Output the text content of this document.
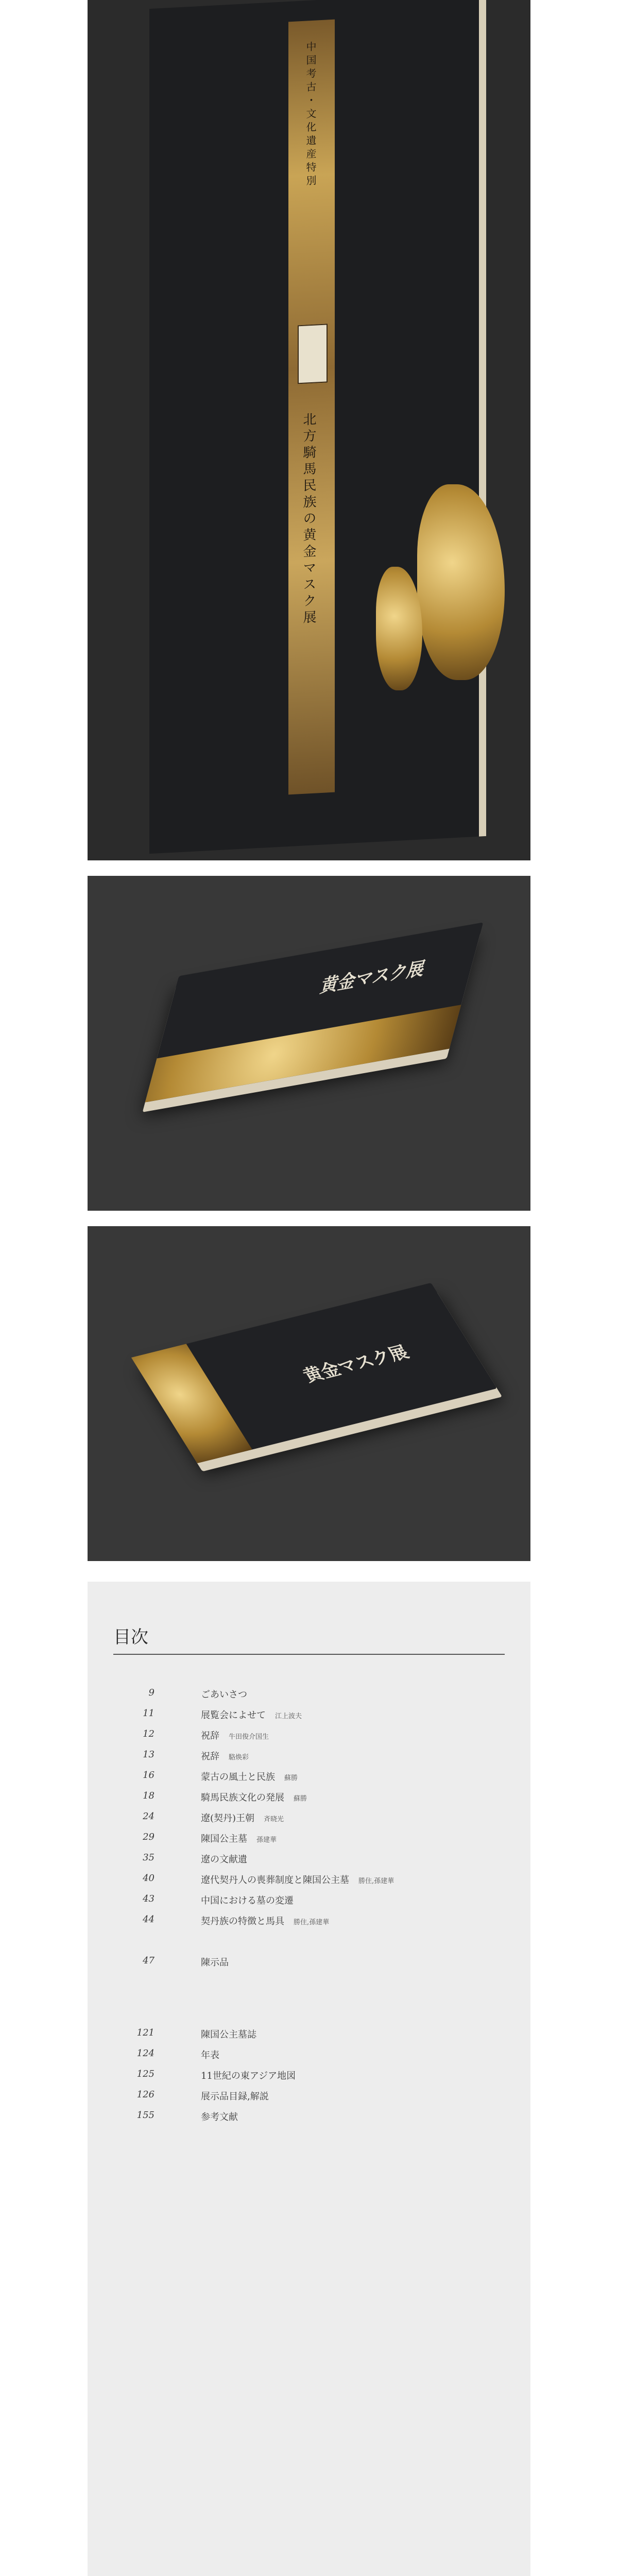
中国考古・文化遺産特別
北方騎馬民族の黄金マスク展
黄金マスク展
黄金マスク展
目次
9	ごあいさつ
11	展覧会によせて 江上波夫
12	祝辞 牛田俊介国生
13	祝辞 駱焕彩
16	蒙古の風土と民族 蘇勝
18	騎馬民族文化の発展 蘇勝
24	遼(契丹)王朝 斉晓光
29	陳国公主墓 孫建華
35	遼の文献遺
40	遼代契丹人の喪葬制度と陳国公主墓 勝住,孫建華
43	中国における墓の変遷
44	契丹族の特徴と馬具 勝住,孫建華
47	陳示品
121	陳国公主墓誌
124	年表
125	11世紀の東アジア地図
126	展示品目録,解説
155	参考文献
